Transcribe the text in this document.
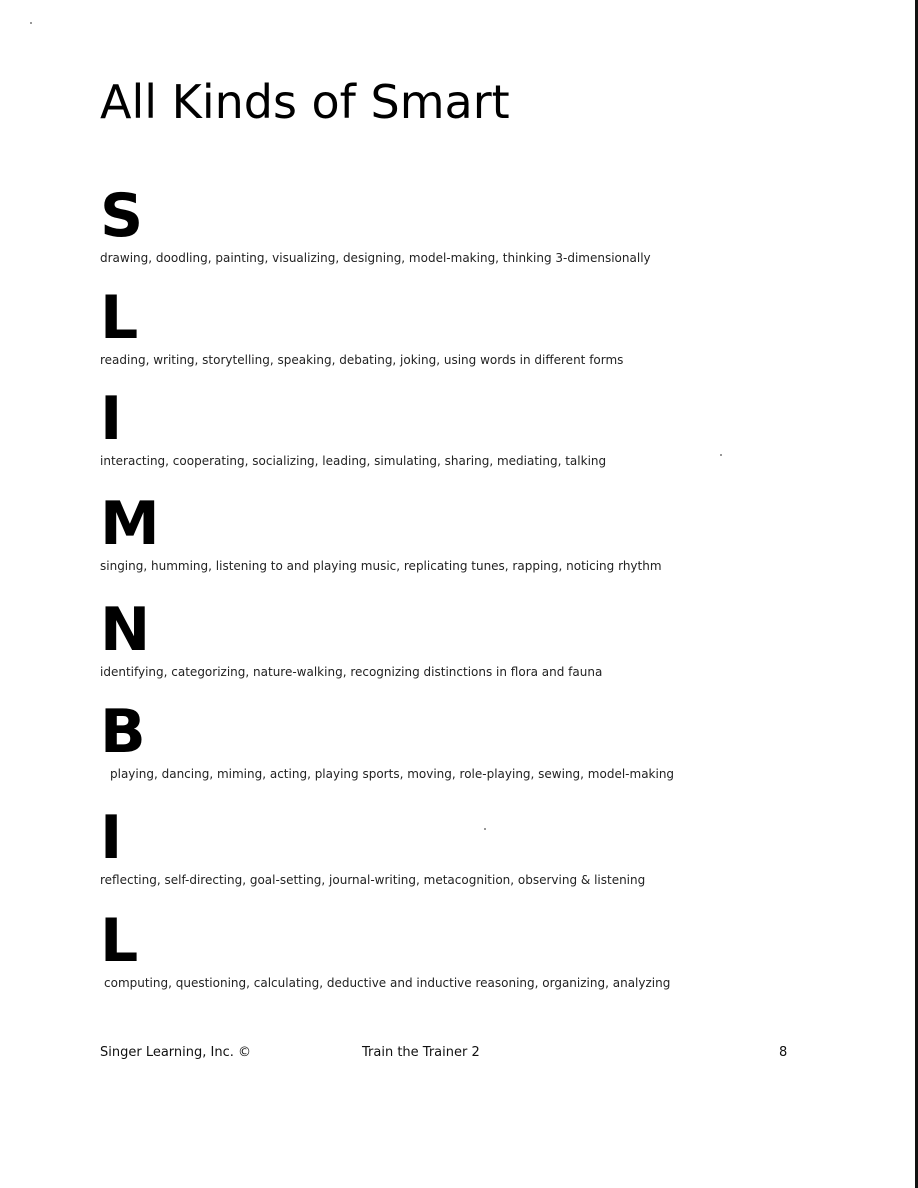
All Kinds of Smart
S
drawing, doodling, painting, visualizing, designing, model-making, thinking 3-dimensionally
L
reading, writing, storytelling, speaking, debating, joking, using words in different forms
I
interacting, cooperating, socializing, leading, simulating, sharing, mediating, talking
M
singing, humming, listening to and playing music, replicating tunes, rapping, noticing rhythm
N
identifying, categorizing, nature-walking, recognizing distinctions in flora and fauna
B
playing, dancing, miming, acting, playing sports, moving, role-playing, sewing, model-making
I
reflecting, self-directing, goal-setting, journal-writing, metacognition, observing & listening
L
computing, questioning, calculating, deductive and inductive reasoning, organizing, analyzing
Singer Learning, Inc. ©	Train the Trainer 2	8
